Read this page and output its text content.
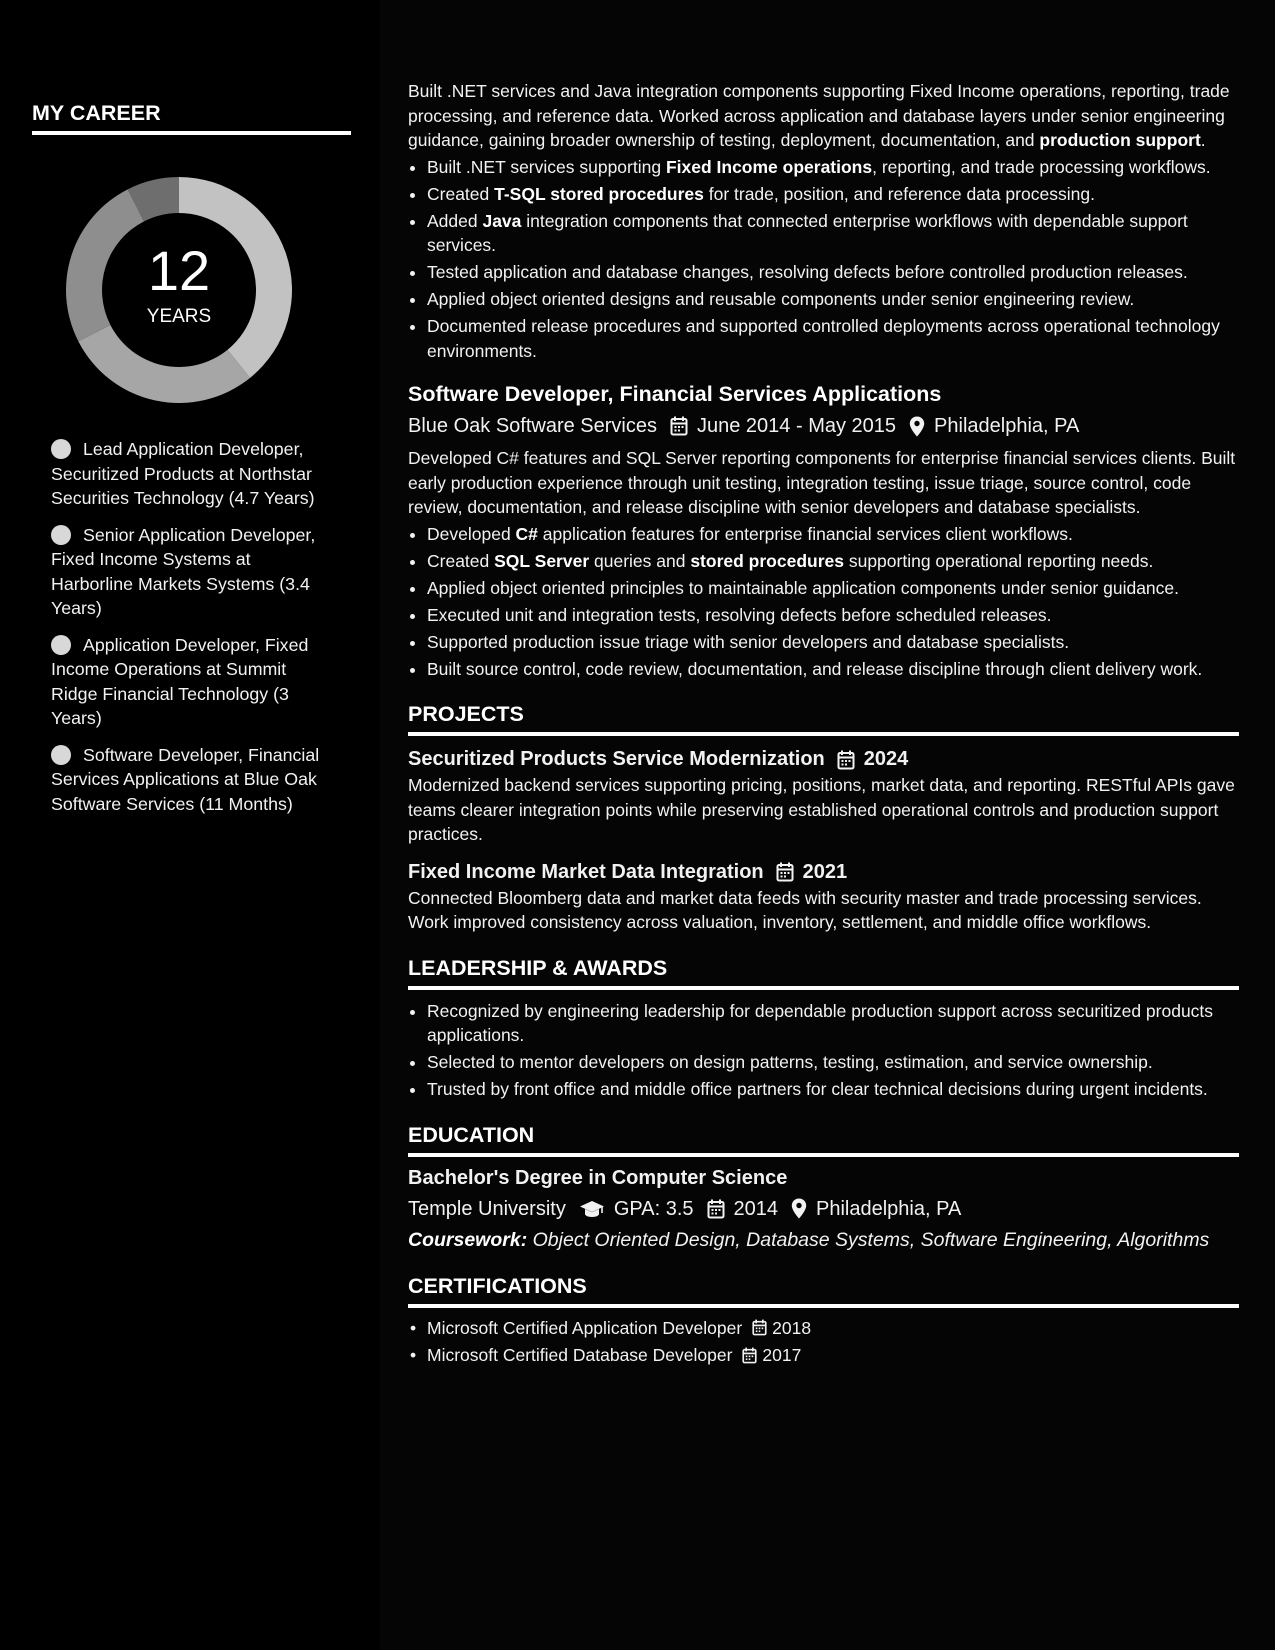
MY CAREER
12
YEARS
Lead Application Developer, Securitized Products at Northstar Securities Technology (4.7 Years)
Senior Application Developer, Fixed Income Systems at Harborline Markets Systems (3.4 Years)
Application Developer, Fixed Income Operations at Summit Ridge Financial Technology (3 Years)
Software Developer, Financial Services Applications at Blue Oak Software Services (11 Months)

Built .NET services and Java integration components supporting Fixed Income operations, reporting, trade processing, and reference data. Worked across application and database layers under senior engineering guidance, gaining broader ownership of testing, deployment, documentation, and production support.

• Built .NET services supporting Fixed Income operations, reporting, and trade processing workflows.
• Created T-SQL stored procedures for trade, position, and reference data processing.
• Added Java integration components that connected enterprise workflows with dependable support services.
• Tested application and database changes, resolving defects before controlled production releases.
• Applied object oriented designs and reusable components under senior engineering review.
• Documented release procedures and supported controlled deployments across operational technology environments.
Software Developer, Financial Services Applications
Blue Oak Software Services June 2014 - May 2015 Philadelphia, PA

Developed C# features and SQL Server reporting components for enterprise financial services clients. Built early production experience through unit testing, integration testing, issue triage, source control, code review, documentation, and release discipline with senior developers and database specialists.

• Developed C# application features for enterprise financial services client workflows.
• Created SQL Server queries and stored procedures supporting operational reporting needs.
• Applied object oriented principles to maintainable application components under senior guidance.
• Executed unit and integration tests, resolving defects before scheduled releases.
• Supported production issue triage with senior developers and database specialists.
• Built source control, code review, documentation, and release discipline through client delivery work.
PROJECTS
Securitized Products Service Modernization 2024

Modernized backend services supporting pricing, positions, market data, and reporting. RESTful APIs gave teams clearer integration points while preserving established operational controls and production support practices.

Fixed Income Market Data Integration 2021

Connected Bloomberg data and market data feeds with security master and trade processing services. Work improved consistency across valuation, inventory, settlement, and middle office workflows.

LEADERSHIP & AWARDS
• Recognized by engineering leadership for dependable production support across securitized products applications.
• Selected to mentor developers on design patterns, testing, estimation, and service ownership.
• Trusted by front office and middle office partners for clear technical decisions during urgent incidents.
EDUCATION
Bachelor's Degree in Computer Science
Temple University GPA: 3.5 2014 Philadelphia, PA
Coursework: Object Oriented Design, Database Systems, Software Engineering, Algorithms
CERTIFICATIONS
• Microsoft Certified Application Developer 2018
• Microsoft Certified Database Developer 2017
